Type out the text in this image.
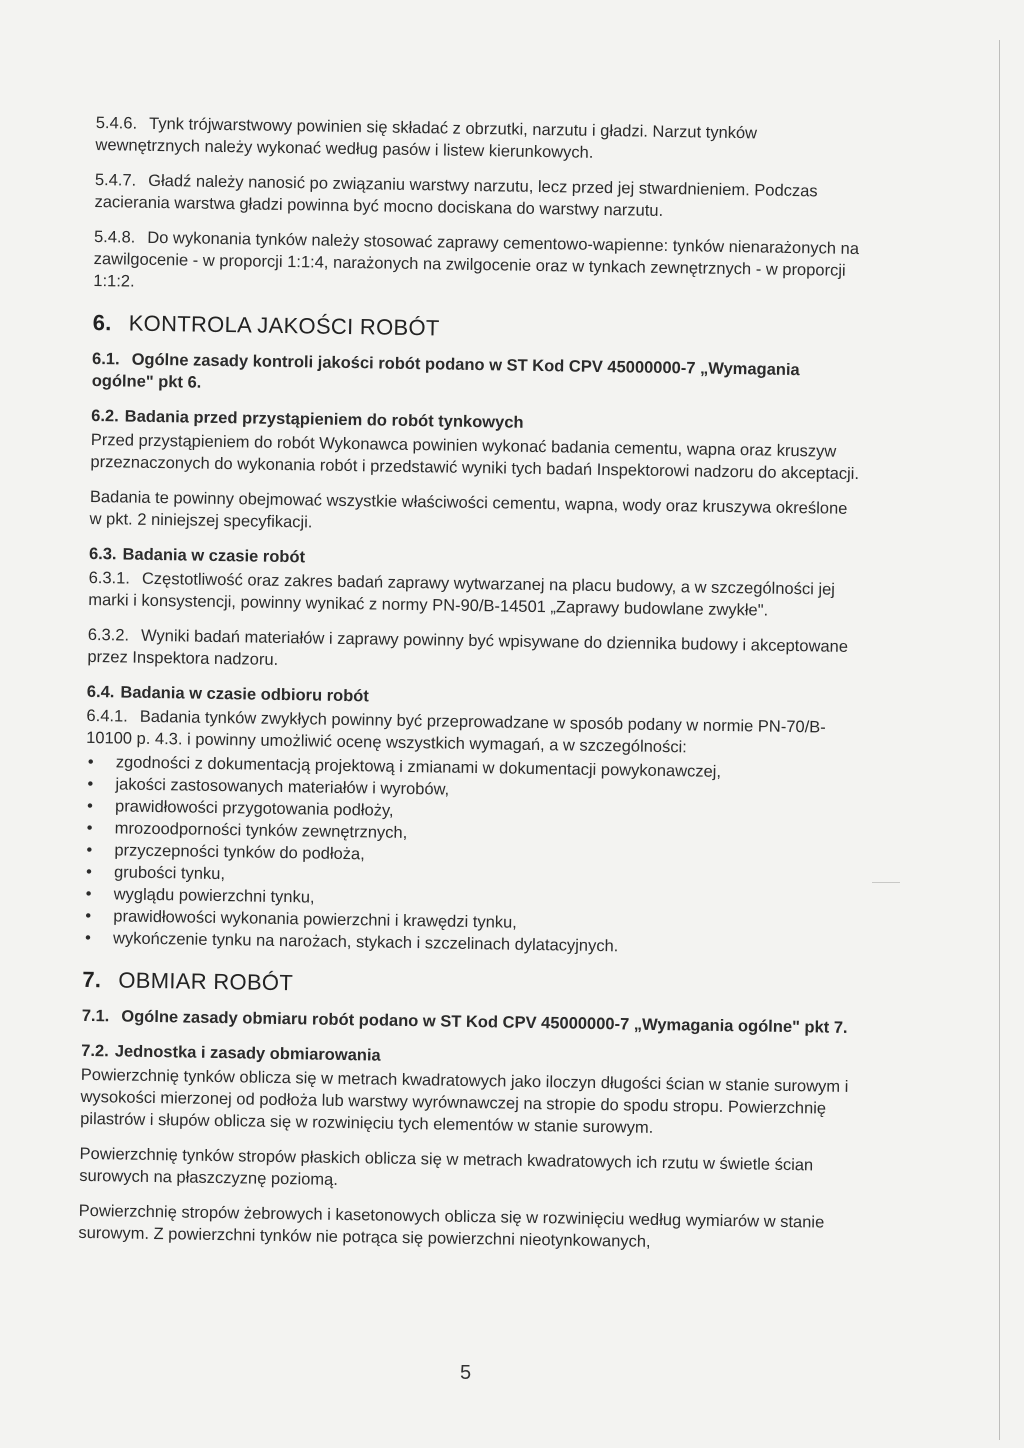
5.4.6. Tynk trójwarstwowy powinien się składać z obrzutki, narzutu i gładzi. Narzut tynków wewnętrznych należy wykonać według pasów i listew kierunkowych.

5.4.7. Gładź należy nanosić po związaniu warstwy narzutu, lecz przed jej stwardnieniem. Podczas zacierania warstwa gładzi powinna być mocno dociskana do warstwy narzutu.

5.4.8. Do wykonania tynków należy stosować zaprawy cementowo-wapienne: tynków nienarażonych na zawilgocenie - w proporcji 1:1:4, narażonych na zwilgocenie oraz w tynkach zewnętrznych - w proporcji 1:1:2.

6. KONTROLA JAKOŚCI ROBÓT

6.1. Ogólne zasady kontroli jakości robót podano w ST Kod CPV 45000000-7 „Wymagania ogólne" pkt 6.

6.2. Badania przed przystąpieniem do robót tynkowych

Przed przystąpieniem do robót Wykonawca powinien wykonać badania cementu, wapna oraz kruszyw przeznaczonych do wykonania robót i przedstawić wyniki tych badań Inspektorowi nadzoru do akceptacji.

Badania te powinny obejmować wszystkie właściwości cementu, wapna, wody oraz kruszywa określone w pkt. 2 niniejszej specyfikacji.

6.3. Badania w czasie robót

6.3.1. Częstotliwość oraz zakres badań zaprawy wytwarzanej na placu budowy, a w szczególności jej marki i konsystencji, powinny wynikać z normy PN-90/B-14501 „Zaprawy budowlane zwykłe".

6.3.2. Wyniki badań materiałów i zaprawy powinny być wpisywane do dziennika budowy i akceptowane przez Inspektora nadzoru.

6.4. Badania w czasie odbioru robót

6.4.1. Badania tynków zwykłych powinny być przeprowadzane w sposób podany w normie PN-70/B-10100 p. 4.3. i powinny umożliwić ocenę wszystkich wymagań, a w szczególności:

• zgodności z dokumentacją projektową i zmianami w dokumentacji powykonawczej,
• jakości zastosowanych materiałów i wyrobów,
• prawidłowości przygotowania podłoży,
• mrozoodporności tynków zewnętrznych,
• przyczepności tynków do podłoża,
• grubości tynku,
• wyglądu powierzchni tynku,
• prawidłowości wykonania powierzchni i krawędzi tynku,
• wykończenie tynku na narożach, stykach i szczelinach dylatacyjnych.
7. OBMIAR ROBÓT

7.1. Ogólne zasady obmiaru robót podano w ST Kod CPV 45000000-7 „Wymagania ogólne" pkt 7.

7.2. Jednostka i zasady obmiarowania

Powierzchnię tynków oblicza się w metrach kwadratowych jako iloczyn długości ścian w stanie surowym i wysokości mierzonej od podłoża lub warstwy wyrównawczej na stropie do spodu stropu. Powierzchnię pilastrów i słupów oblicza się w rozwinięciu tych elementów w stanie surowym.

Powierzchnię tynków stropów płaskich oblicza się w metrach kwadratowych ich rzutu w świetle ścian surowych na płaszczyznę poziomą.

Powierzchnię stropów żebrowych i kasetonowych oblicza się w rozwinięciu według wymiarów w stanie surowym. Z powierzchni tynków nie potrąca się powierzchni nieotynkowanych,

5
